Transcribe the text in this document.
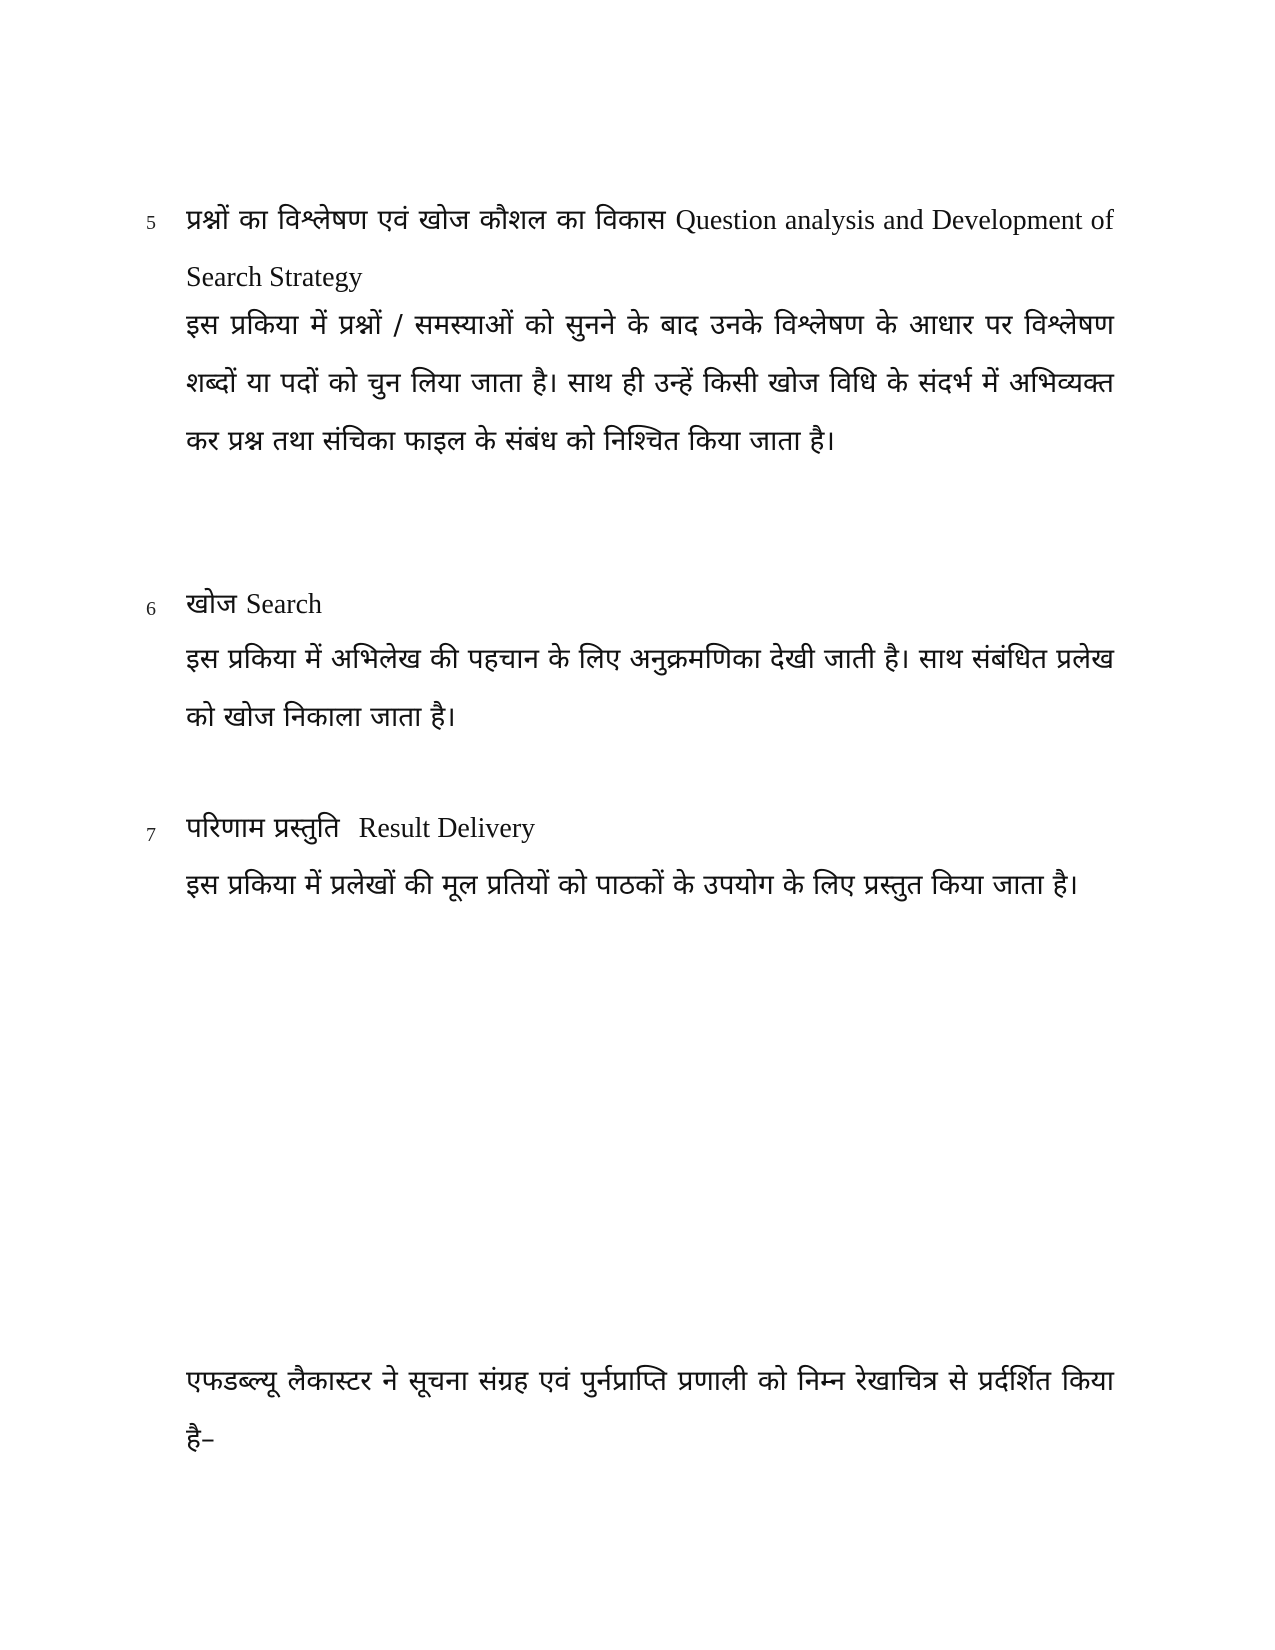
5 प्रश्नों का विश्लेषण एवं खोज कौशल का विकास Question analysis and Development of Search Strategy
इस प्रकिया में प्रश्नों / समस्याओं को सुनने के बाद उनके विश्लेषण के आधार पर विश्लेषण शब्दों या पदों को चुन लिया जाता है। साथ ही उन्हें किसी खोज विधि के संदर्भ में अभिव्यक्त कर प्रश्न तथा संचिका फाइल के संबंध को निश्चित किया जाता है।
6 खोज Search
इस प्रकिया में अभिलेख की पहचान के लिए अनुक्रमणिका देखी जाती है। साथ संबंधित प्रलेख को खोज निकाला जाता है।
7 परिणाम प्रस्तुति Result Delivery
इस प्रकिया में प्रलेखों की मूल प्रतियों को पाठकों के उपयोग के लिए प्रस्तुत किया जाता है।
एफडब्ल्यू लैकास्टर ने सूचना संग्रह एवं पुर्नप्राप्ति प्रणाली को निम्न रेखाचित्र से प्रर्दर्शित किया है–
